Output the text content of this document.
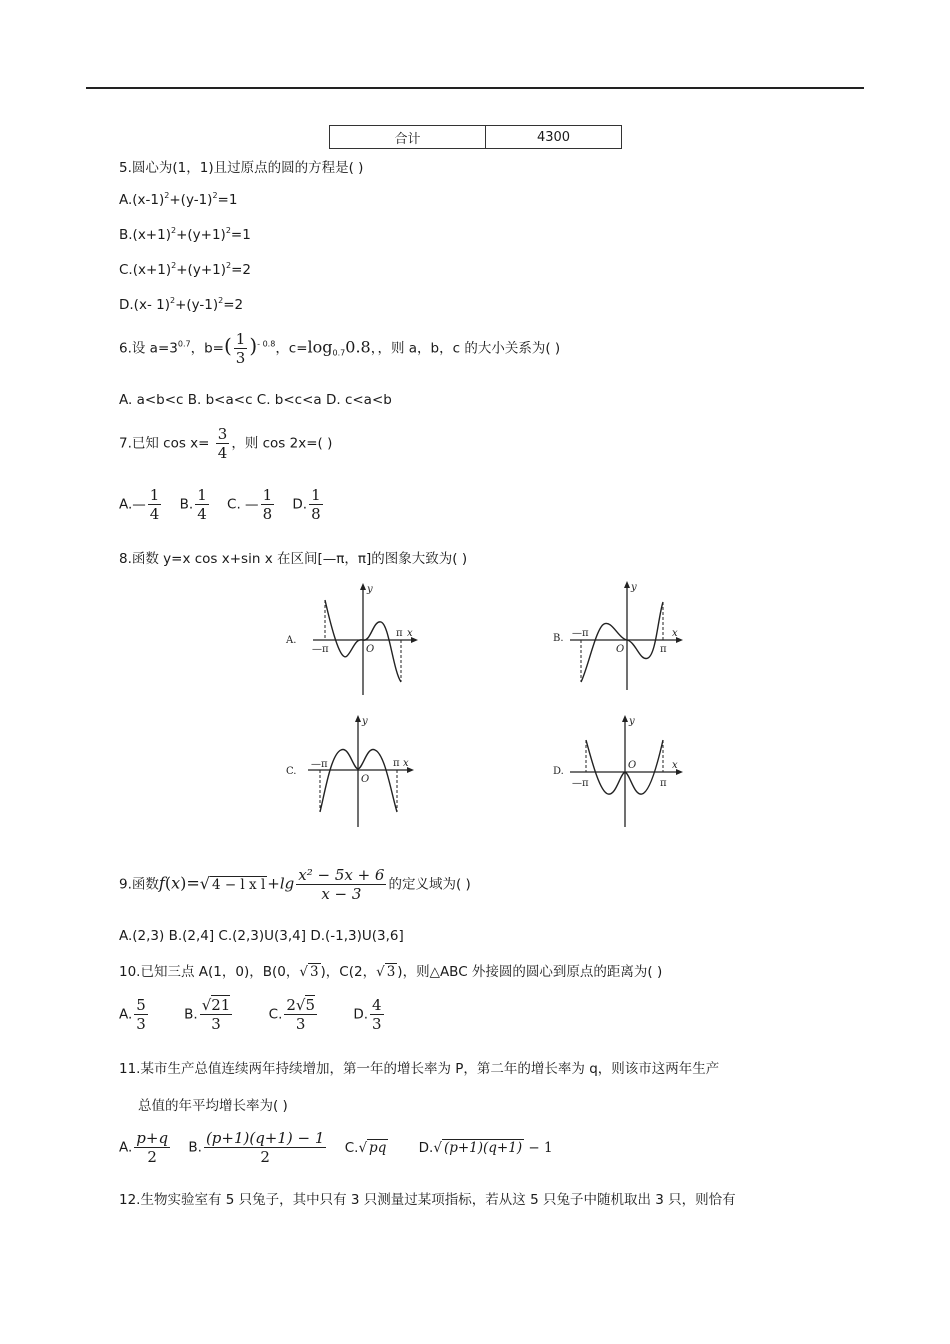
合计	4300
5.圆心为(1，1)且过原点的圆的方程是( )
$A.(x-1)^2+(y-1)^2=1$
$B.(x+1)^2+(y+1)^2=1$
$C.(x+1)^2+(y+1)^2=2$
D.(x- $1)^2+(y-1)^2=2$
6.设 $a=3^{0.7}$，$b=( \frac{1}{3} )^{- 0.8}$，$c=\log_{0.7}0.8$，，则 a，b，c 的大小关系为( )
A. a<b<c B. b<a<c C. b<c<a D. c<a<b
7.已知 $\cos x= \frac{3}{4}$ ，则 cos 2x=( )
A.— $\frac{1}{4} B$. $\frac{1}{4} C$. — $\frac{1}{8} D$. $\frac{1}{8}$
8.函数 y=x cos x+sin x 在区间[—π，π]的图象大致为( )
A.
—π
π x
y
O
B. —π
π
x
y
O
C.
—π	π x
y
O
D.
—π	π
x
y
O
9.函数f(x)=√ 4 − l x $l +\lg \frac{\text{x² − 5x + 6}}{x - 3}$ 的定义域为( )
A.(2,3) B.(2,4] C.(2,3)U(3,4] D.(-1,3)U(3,6]
10.已知三点 A(1，0)，B(0，√ 3 )，C(2，√ 3 )，则△ABC 外接圆的圆心到原点的距离为( )
A. $\frac{5}{3}$	B. $\frac{√21}{3}$	C. $\frac{2√5}{3}$	D. $\frac{4}{3}$
11.某市生产总值连续两年持续增加，第一年的增长率为 P，第二年的增长率为 q，则该市这两年生产
总值的年平均增长率为( )
A. $\frac{p+q}{2} B$. $\frac{(p+1)(q+1) - 1}{2} C.√$ pq D.√ (p+1)(q+1) − 1
12.生物实验室有 5 只兔子，其中只有 3 只测量过某项指标，若从这 5 只兔子中随机取出 3 只，则恰有
